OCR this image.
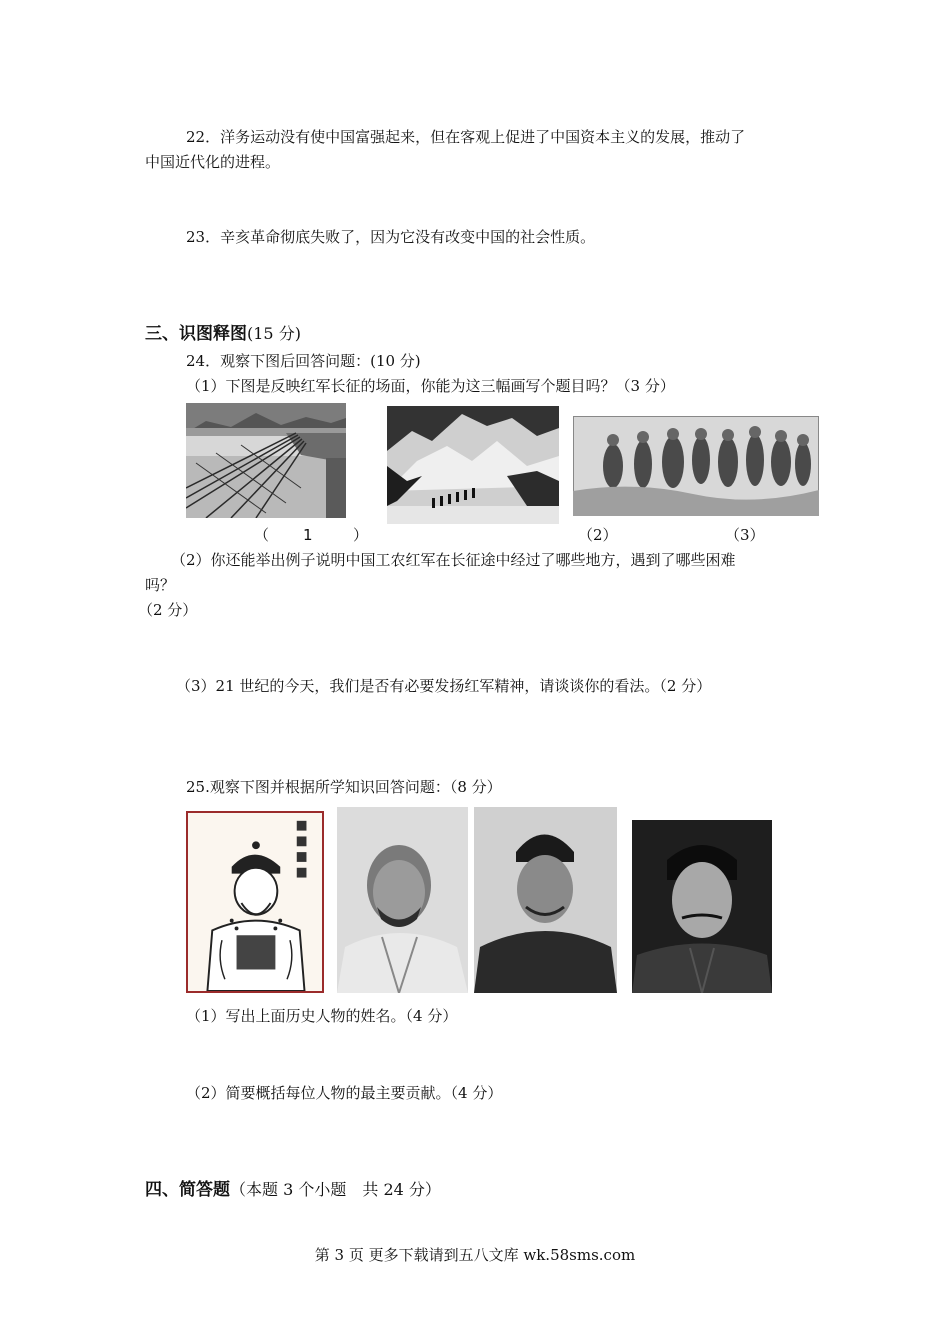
22．洋务运动没有使中国富强起来，但在客观上促进了中国资本主义的发展，推动了
中国近代化的进程。
23．辛亥革命彻底失败了，因为它没有改变中国的社会性质。
三、识图释图(15 分)
24．观察下图后回答问题：(10 分)
（1）下图是反映红军长征的场面，你能为这三幅画写个题目吗？（3 分）
（ 1	）	（2）	（3）
（2）你还能举出例子说明中国工农红军在长征途中经过了哪些地方，遇到了哪些困难
吗？
（2 分）
（3）21 世纪的今天，我们是否有必要发扬红军精神，请谈谈你的看法。（2 分）
25.观察下图并根据所学知识回答问题：（8 分）
（1）写出上面历史人物的姓名。（4 分）
（2）简要概括每位人物的最主要贡献。（4 分）
四、简答题（本题 3 个小题　共 24 分）
第 3 页 更多下载请到五八文库 wk.58sms.com
